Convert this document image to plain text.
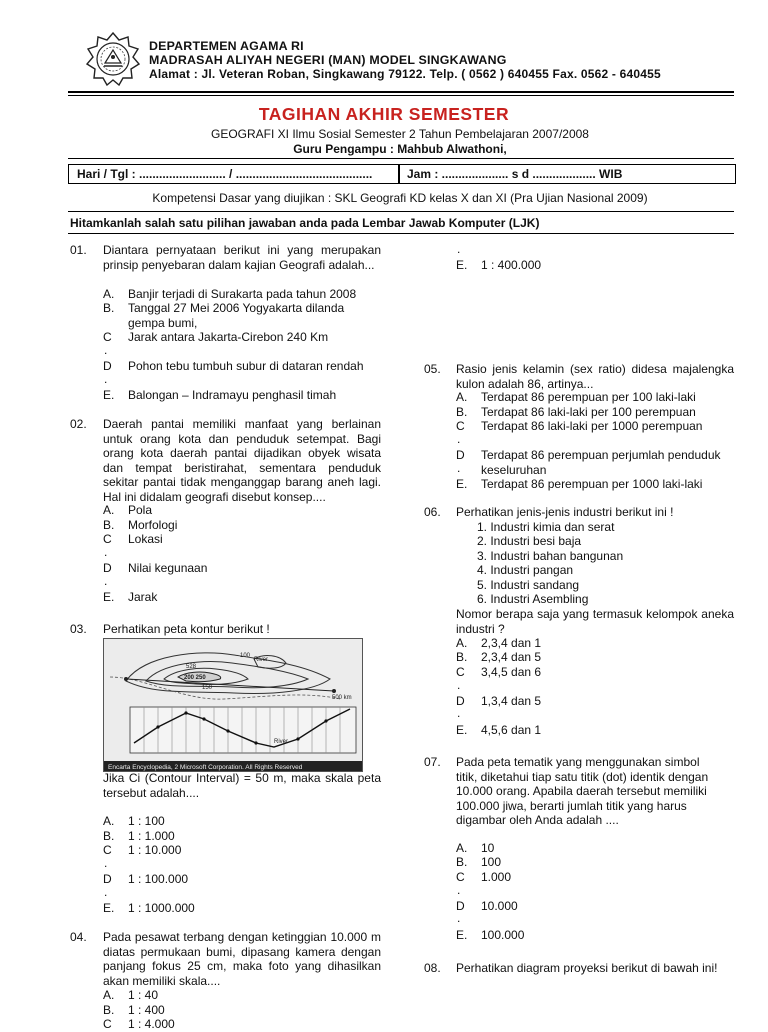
DEPARTEMEN AGAMA RI
MADRASAH ALIYAH NEGERI (MAN) MODEL SINGKAWANG
Alamat : Jl. Veteran Roban, Singkawang 79122. Telp. ( 0562 ) 640455 Fax. 0562 - 640455
TAGIHAN AKHIR SEMESTER
GEOGRAFI XI Ilmu Sosial Semester 2 Tahun Pembelajaran 2007/2008
Guru Pengampu : Mahbub Alwathoni,
Hari / Tgl : .......................... / .........................................	Jam : .................... s d ................... WIB
Kompetensi Dasar yang diujikan : SKL Geografi KD kelas X dan XI (Pra Ujian Nasional 2009)
Hitamkanlah salah satu pilihan jawaban anda pada Lembar Jawab Komputer (LJK)
01. Diantara pernyataan berikut ini yang merupakan prinsip penyebaran dalam kajian Geografi adalah...
A. Banjir terjadi di Surakarta pada tahun 2008
B. Tanggal 27 Mei 2006 Yogyakarta dilanda
gempa bumi,
C Jarak antara Jakarta-Cirebon 240 Km
.
D Pohon tebu tumbuh subur di dataran rendah
.
E. Balongan – Indramayu penghasil timah
02. Daerah pantai memiliki manfaat yang berlainan untuk orang kota dan penduduk setempat. Bagi orang kota daerah pantai dijadikan obyek wisata dan tempat beristirahat, sementara penduduk sekitar pantai tidak menganggap barang aneh lagi. Hal ini didalam geografi disebut konsep....
A. Pola
B. Morfologi
C Lokasi
.
D Nilai kegunaan
.
E. Jarak
03. Perhatikan peta kontur berikut !
River
528
200 250
100
150
500 km
River
Encarta Encyclopedia, 2 Microsoft Corporation. All Rights Reserved
Jika Ci (Contour Interval) = 50 m, maka skala peta tersebut adalah....
A. 1 : 100
B. 1 : 1.000
C 1 : 10.000
.
D 1 : 100.000
.
E. 1 : 1000.000
04. Pada pesawat terbang dengan ketinggian 10.000 m diatas permukaan bumi, dipasang kamera dengan panjang fokus 25 cm, maka foto yang dihasilkan akan memiliki skala....
A. 1 : 40
B. 1 : 400
C 1 : 4.000
.
E. 1 : 400.000
05. Rasio jenis kelamin (sex ratio) didesa majalengka kulon adalah 86, artinya...
A. Terdapat 86 perempuan per 100 laki-laki
B. Terdapat 86 laki-laki per 100 perempuan
C Terdapat 86 laki-laki per 1000 perempuan
.
D Terdapat 86 perempuan perjumlah penduduk
. keseluruhan
E. Terdapat 86 perempuan per 1000 laki-laki
06. Perhatikan jenis-jenis industri berikut ini !
1. Industri kimia dan serat
2. Industri besi baja
3. Industri bahan bangunan
4. Industri pangan
5. Industri sandang
6. Industri Asembling
Nomor berapa saja yang termasuk kelompok aneka industri ?
A. 2,3,4 dan 1
B. 2,3,4 dan 5
C 3,4,5 dan 6
.
D 1,3,4 dan 5
.
E. 4,5,6 dan 1
07. Pada peta tematik yang menggunakan simbol titik, diketahui tiap satu titik (dot) identik dengan 10.000 orang. Apabila daerah tersebut memiliki 100.000 jiwa, berarti jumlah titik yang harus digambar oleh Anda adalah ....
A. 10
B. 100
C 1.000
.
D 10.000
.
E. 100.000
08. Perhatikan diagram proyeksi berikut di bawah ini!
